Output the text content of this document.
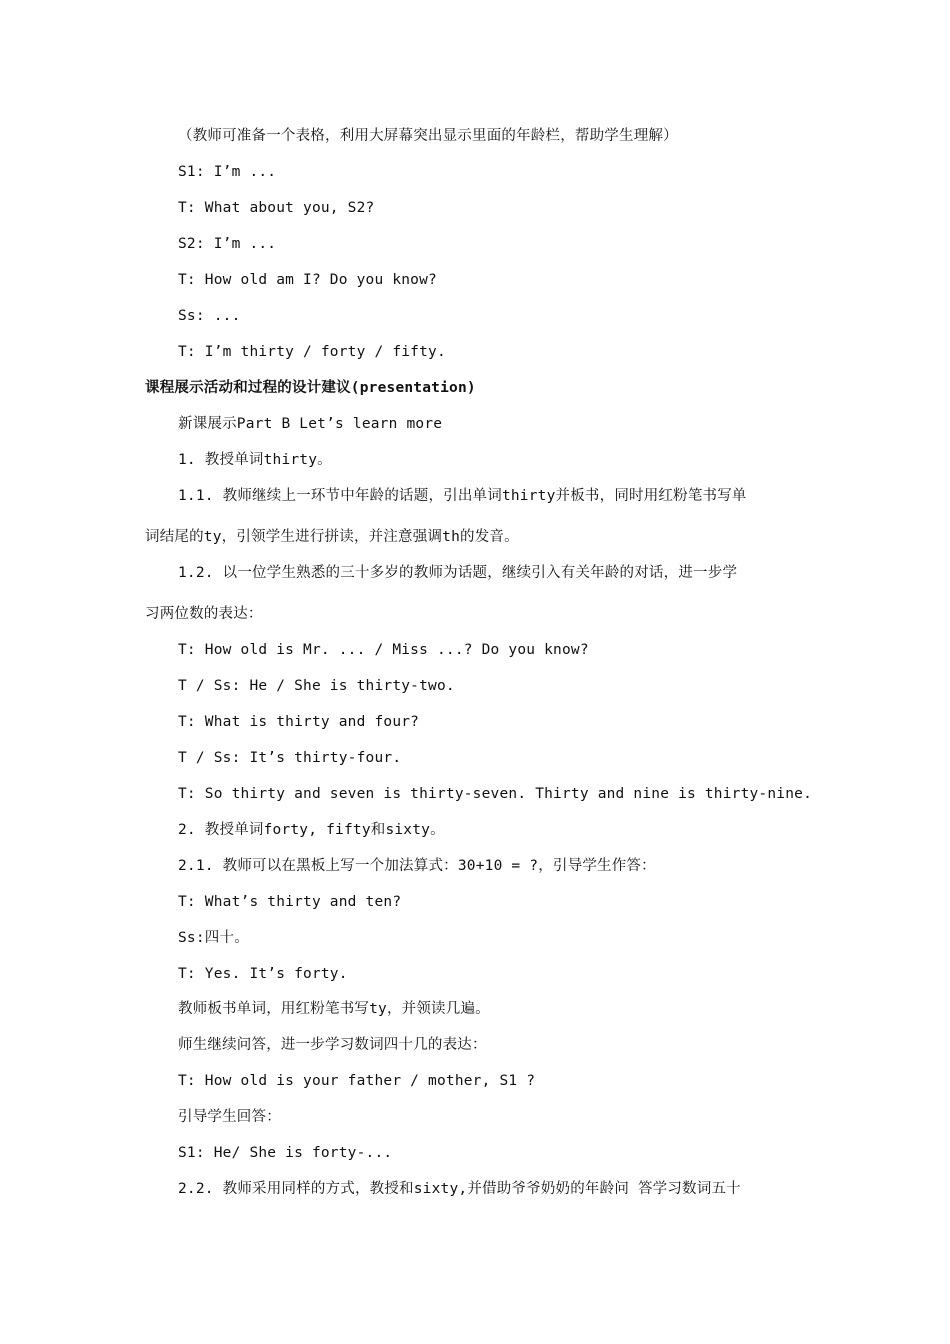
（教师可准备一个表格，利用大屏幕突出显示里面的年龄栏，帮助学生理解）
S1: I’m ...
T: What about you, S2?
S2: I’m ...
T: How old am I? Do you know?
Ss: ...
T: I’m thirty / forty / fifty.
课程展示活动和过程的设计建议(presentation)
新课展示Part B Let’s learn more
1. 教授单词thirty。
1.1. 教师继续上一环节中年龄的话题，引出单词thirty并板书，同时用红粉笔书写单
词结尾的ty，引领学生进行拼读，并注意强调th的发音。
1.2. 以一位学生熟悉的三十多岁的教师为话题，继续引入有关年龄的对话，进一步学
习两位数的表达：
T: How old is Mr. ... / Miss ...? Do you know?
T / Ss: He / She is thirty-two.
T: What is thirty and four?
T / Ss: It’s thirty-four.
T: So thirty and seven is thirty-seven. Thirty and nine is thirty-nine.
2. 教授单词forty, fifty和sixty。
2.1. 教师可以在黑板上写一个加法算式：30+10 = ?，引导学生作答：
T: What’s thirty and ten?
Ss:四十。
T: Yes. It’s forty.
教师板书单词，用红粉笔书写ty，并领读几遍。
师生继续问答，进一步学习数词四十几的表达：
T: How old is your father / mother, S1 ?
引导学生回答：
S1: He/ She is forty-...
2.2. 教师采用同样的方式，教授和sixty,并借助爷爷奶奶的年龄问 答学习数词五十
